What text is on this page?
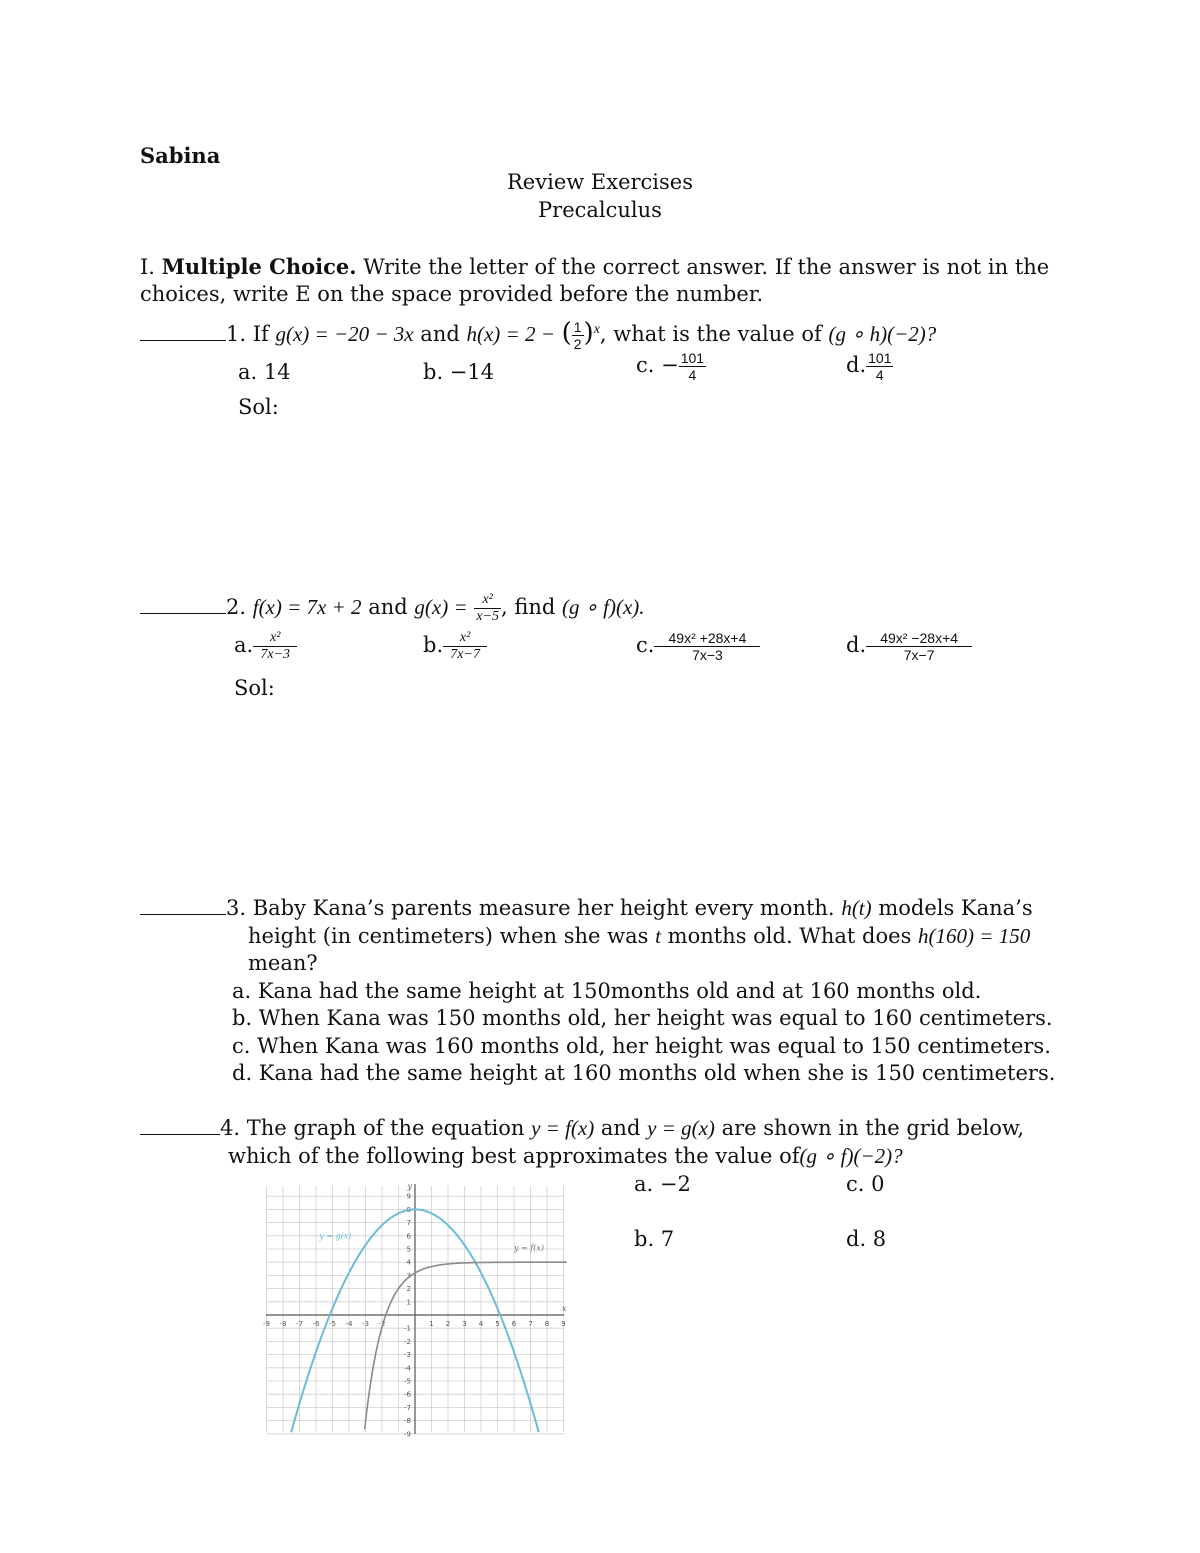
Sabina
Review Exercises
Precalculus
I. Multiple Choice. Write the letter of the correct answer. If the answer is not in the
choices, write E on the space provided before the number.
1. If g(x) = −20 − 3x and h(x) = 2 − ( $\frac{1}{2} )^x$, what is the value of (g ∘ h)(−2)?
a. 14	b. −14	c. − $\frac{101}{4}$	d. $\frac{101}{4}$
Sol:
2. f(x) = 7x + 2 and $g(x) = \frac{\text{x²}}{x-5}$ , find (g ∘ f)(x).
a. $\frac{\text{x²}}{7x-3}$	b. $\frac{\text{x²}}{7x-7}$	c. $\frac{\text{49x² +28x+4}}{7x-3}$	d. $\frac{\text{49x² −28x+4}}{7x-7}$
Sol:
3. Baby Kana’s parents measure her height every month. h(t) models Kana’s
height (in centimeters) when she was t months old. What does h(160) = 150
mean?
a. Kana had the same height at 150months old and at 160 months old.
b. When Kana was 150 months old, her height was equal to 160 centimeters.
c. When Kana was 160 months old, her height was equal to 150 centimeters.
d. Kana had the same height at 160 months old when she is 150 centimeters.
4. The graph of the equation y = f(x) and y = g(x) are shown in the grid below,
which of the following best approximates the value of(g ∘ f)(−2)?
a. −2	c. 0
b. 7	d. 8
-9 -8 -7 -6 -5 -4 -3 -2	1 2 3 4 5 6 7 8 9
9
8
7
6
5
4
3
2
1
-1
-2
-3
-4
-5
-6
-7
-8
-9
x
y
y = g(x)
y = f(x)
